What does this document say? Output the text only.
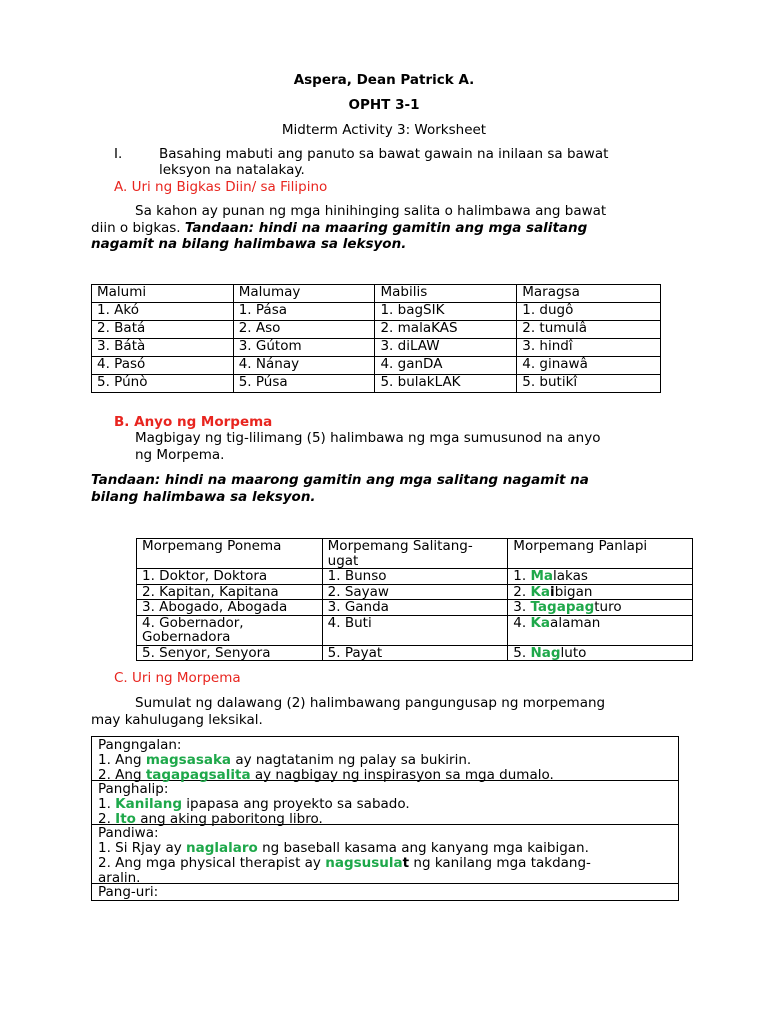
Aspera, Dean Patrick A.
OPHT 3-1
Midterm Activity 3: Worksheet
I.	Basahing mabuti ang panuto sa bawat gawain na inilaan sa bawat
leksyon na natalakay.
A. Uri ng Bigkas Diin/ sa Filipino
Sa kahon ay punan ng mga hinihinging salita o halimbawa ang bawat
diin o bigkas. Tandaan: hindi na maaring gamitin ang mga salitang
nagamit na bilang halimbawa sa leksyon.
Malumi	Malumay	Mabilis	Maragsa
1. Akó	1. Pása	1. bagSIK	1. dugô
2. Batá	2. Aso	2. malaKAS	2. tumulâ
3. Bátà	3. Gútom	3. diLAW	3. hindî
4. Pasó	4. Nánay	4. ganDA	4. ginawâ
5. Púnò	5. Púsa	5. bulakLAK	5. butikî
B. Anyo ng Morpema
Magbigay ng tig-lilimang (5) halimbawa ng mga sumusunod na anyo
ng Morpema.
Tandaan: hindi na maarong gamitin ang mga salitang nagamit na
bilang halimbawa sa leksyon.
Morpemang Ponema	Morpemang Salitang-ugat	Morpemang Panlapi
1. Doktor, Doktora	1. Bunso	1. Malakas
2. Kapitan, Kapitana	2. Sayaw	2. Kaibigan
3. Abogado, Abogada	3. Ganda	3. Tagapagturo
4. Gobernador, Gobernadora	4. Buti	4. Kaalaman
5. Senyor, Senyora	5. Payat	5. Nagluto
C. Uri ng Morpema
Sumulat ng dalawang (2) halimbawang pangungusap ng morpemang
may kahulugang leksikal.
Pangngalan:
1. Ang magsasaka ay nagtatanim ng palay sa bukirin.
2. Ang tagapagsalita ay nagbigay ng inspirasyon sa mga dumalo.
Panghalip:
1. Kanilang ipapasa ang proyekto sa sabado.
2. Ito ang aking paboritong libro.
Pandiwa:
1. Si Rjay ay naglalaro ng baseball kasama ang kanyang mga kaibigan.
2. Ang mga physical therapist ay nagsusulat ng kanilang mga takdang-
aralin.
Pang-uri:
